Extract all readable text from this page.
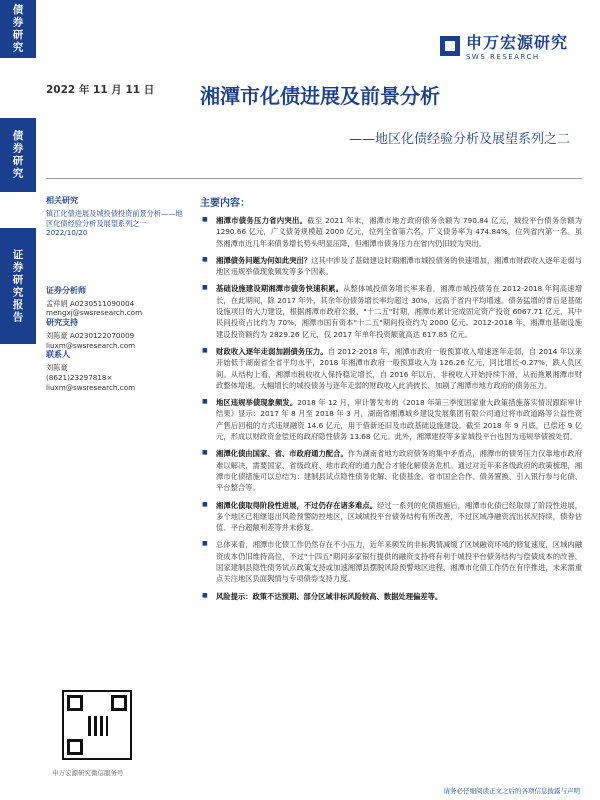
债券研究
债券研究
证券研究报告
申万宏源研究
SWS RESEARCH
2022 年 11 月 11 日 湘潭市化债进展及前景分析
——地区化债经验分析及展望系列之二
相关研究
镇江化债进展及城投债投资前景分析——地区化债经验分析及展望系列之一
2022/10/20
证券分析师
孟祥娟 A0230511090004
mengxj@swsresearch.com
研究支持
刘陈豪 A0230122070009
liuxm@swsresearch.com
联系人
刘陈豪
(8621)23297818×
liuxm@swsresearch.com
主要内容：
■ 湘潭市债务压力省内突出。截至 2021 年末，湘潭市地方政府债务余额为 790.84 亿元，城投平台债务余额为 1290.66 亿元，广义债务规模超 2000 亿元，位列全省第六名，广义债务率为 474.84%，位列省内第一名。虽然湘潭市近几年来债务增长势头明显压降，但湘潭市债务压力在省内仍旧较为突出。
■ 湘潭债务问题为何如此突出？这其中涉及了基础建设时期湘潭市城投债务的快速增加，湘潭市财政收入逐年走弱与地区违规举债现象频发等多个因素。
■ 基础设施建设期湘潭市债务快速积累。从整体城投债务增长率来看，湘潭市城投债务在 2012-2018 年间高速增长，在此期间，除 2017 年外，其余年份债务增长率均超过 30%，远高于省内平均增速。债务猛增的背后是基础设施项目的大力建设，根据湘潭市政府公报，"十二五"时期，湘潭市累计完成固定资产投资 6067.71 亿元，其中民间投资占比约为 70%，湘潭市国有资本"十二五"期间投资约为 2000 亿元。2012-2018 年，湘潭市基础设施建设投资额约为 2829.26 亿元，仅 2017 年单年投资额就高达 617.85 亿元。
■ 财政收入逐年走弱加剧债务压力。自 2012-2018 年，湘潭市政府一般预算收入增速逐年走弱，自 2014 年以来开始低于湖南省全省平均水平，2018 年湘潭市政府一般预算收入为 126.26 亿元，同比增长-0.27%，跌入负区间。从结构上看，湘潭市税收收入保持稳定增长，自 2016 年以后，非税收入开始持续下滑，从而拖累湘潭市财政整体增速。大幅增长的城投债务与逐年走弱的财政收入此消彼长，加剧了湘潭市地方政府的债务压力。
■ 地区违规举债现象频发。2018 年 12 月，审计署发布的《2018 年第三季度国家重大政策措施落实情况跟踪审计结果》显示：2017 年 8 月至 2018 年 3 月，湖南省湘潭城乡建设发展集团有限公司通过将市政道路等公益性资产售后回租的方式违规融资 14.6 亿元，用于借新还旧及市政基础设施建设。截至 2018 年 9 月底，已偿还 9 亿元，形成以财政资金偿还的政府隐性债务 13.68 亿元。此外，湘潭建投等多家城投平台也因为违规举债被处罚。
■ 湘潭化债由国家、省、市政府通力配合。作为湖南省地方政府债务的集中矛盾点，湘潭市的债务压力仅靠地市政府难以解决，需要国家、省级政府、地市政府的通力配合才能化解债务危机。通过对近年来各级政府的政策梳理，湘潭市化债措施可以总结为：建制县试点隐性债务化解、化债基金、省市国企合作、债务置换、引入银行参与化债、平台整合等。
■ 湘潭化债取得阶段性进展，不过仍存在诸多难点。经过一系列的化债措施后，湘潭市化债已经取得了阶段性进展，多个地区已相继退出风险预警防控地区，区域城投平台债务结构有所改善，不过区域净融资流出状况持续，债券估值、平台超额利差等并未修复。
■ 总体来看，湘潭市化债工作仍然存在不小压力，近年来频发的非标舆情减缓了区域融资环境的修复速度，区域内融资成本仍旧维持高位，不过"十四五"期间多家银行提供的融资支持将有利于城投平台债务结构与偿债成本的改善，国家建制县隐性债务试点政策支持或加速湘潭县摆脱风险预警地区进程，湘潭市化债工作仍在有序推进，未来需重点关注地区负面舆情与专项债券支持力度。
■ 风险提示：政策不达预期、部分区域非标风险较高、数据处理偏差等。
申万宏源研究微信服务号
请务必仔细阅读正文之后的各项信息披露与声明
